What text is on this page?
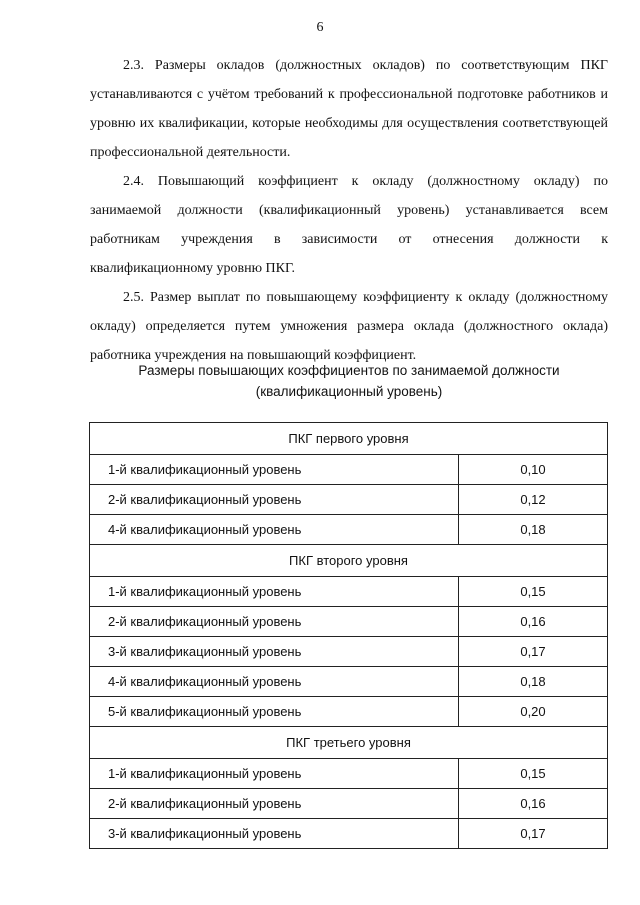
6

2.3. Размеры окладов (должностных окладов) по соответствующим ПКГ устанавливаются с учётом требований к профессиональной подготовке работников и уровню их квалификации, которые необходимы для осуществления соответствующей профессиональной деятельности.

2.4. Повышающий коэффициент к окладу (должностному окладу) по занимаемой должности (квалификационный уровень) устанавливается всем работникам учреждения в зависимости от отнесения должности к квалификационному уровню ПКГ.

2.5. Размер выплат по повышающему коэффициенту к окладу (должностному окладу) определяется путем умножения размера оклада (должностного оклада) работника учреждения на повышающий коэффициент.

Размеры повышающих коэффициентов по занимаемой должности
(квалификационный уровень)
ПКГ первого уровня	
1-й квалификационный уровень	0,10
2-й квалификационный уровень	0,12
4-й квалификационный уровень	0,18
ПКГ второго уровня	
1-й квалификационный уровень	0,15
2-й квалификационный уровень	0,16
3-й квалификационный уровень	0,17
4-й квалификационный уровень	0,18
5-й квалификационный уровень	0,20
ПКГ третьего уровня	
1-й квалификационный уровень	0,15
2-й квалификационный уровень	0,16
3-й квалификационный уровень	0,17
